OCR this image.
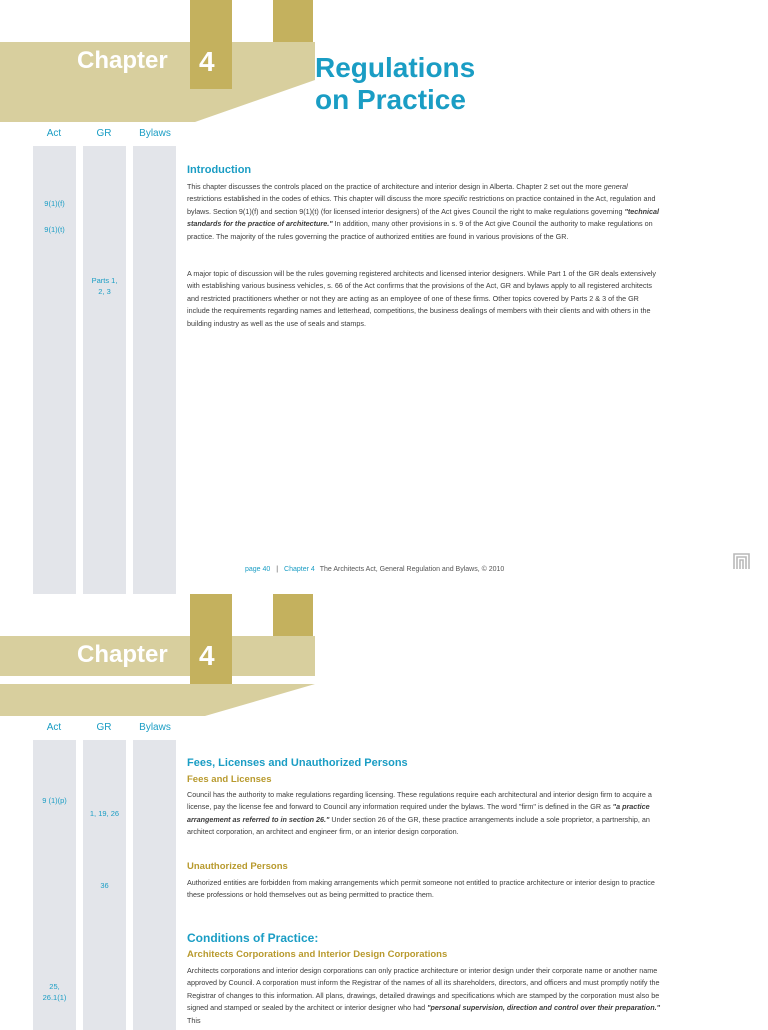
Chapter 4	Regulations
on Practice
Act	GR	Bylaws
9(1)(f)
9(1)(t)
Parts 1,
2, 3
Introduction

This chapter discusses the controls placed on the practice of architecture and interior design in Alberta. Chapter 2 set out the more general restrictions established in the codes of ethics. This chapter will discuss the more specific restrictions on practice contained in the Act, regulation and bylaws. Section 9(1)(f) and section 9(1)(t) (for licensed interior designers) of the Act gives Council the right to make regulations governing "technical standards for the practice of architecture." In addition, many other provisions in s. 9 of the Act give Council the authority to make regulations on practice. The majority of the rules governing the practice of authorized entities are found in various provisions of the GR.

A major topic of discussion will be the rules governing registered architects and licensed interior designers. While Part 1 of the GR deals extensively with establishing various business vehicles, s. 66 of the Act confirms that the provisions of the Act, GR and bylaws apply to all registered architects and restricted practitioners whether or not they are acting as an employee of one of these firms. Other topics covered by Parts 2 & 3 of the GR include the requirements regarding names and letterhead, competitions, the business dealings of members with their clients and with others in the building industry as well as the use of seals and stamps.

page 40 | Chapter 4 The Architects Act, General Regulation and Bylaws, © 2010
Chapter 4
Act	GR	Bylaws
9 (1)(p)
1, 19, 26
36
25,
26.1(1)
Fees, Licenses and Unauthorized Persons
Fees and Licenses

Council has the authority to make regulations regarding licensing. These regulations require each architectural and interior design firm to acquire a license, pay the license fee and forward to Council any information required under the bylaws. The word "firm" is defined in the GR as "a practice arrangement as referred to in section 26." Under section 26 of the GR, these practice arrangements include a sole proprietor, a partnership, an architect corporation, an architect and engineer firm, or an interior design corporation.

Unauthorized Persons

Authorized entities are forbidden from making arrangements which permit someone not entitled to practice architecture or interior design to practice these professions or hold themselves out as being permitted to practice them.

Conditions of Practice:
Architects Corporations and Interior Design Corporations

Architects corporations and interior design corporations can only practice architecture or interior design under their corporate name or another name approved by Council. A corporation must inform the Registrar of the names of all its shareholders, directors, and officers and must promptly notify the Registrar of changes to this information. All plans, drawings, detailed drawings and specifications which are stamped by the corporation must also be signed and stamped or sealed by the architect or interior designer who had "personal supervision, direction and control over their preparation." This
